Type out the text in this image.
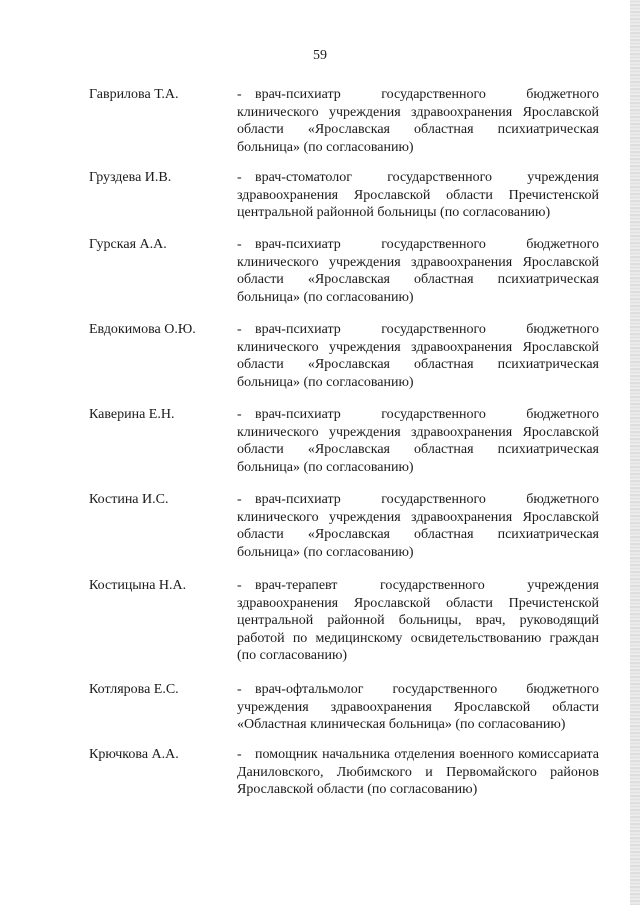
59
Гаврилова Т.А.	- врач-психиатр государственного бюджетного клинического учреждения здравоохранения Ярославской области «Ярославская областная психиатрическая больница» (по согласованию)
Груздева И.В.	- врач-стоматолог государственного учреждения здравоохранения Ярославской области Пречистенской центральной районной больницы (по согласованию)
Гурская А.А.	- врач-психиатр государственного бюджетного клинического учреждения здравоохранения Ярославской области «Ярославская областная психиатрическая больница» (по согласованию)
Евдокимова О.Ю.	- врач-психиатр государственного бюджетного клинического учреждения здравоохранения Ярославской области «Ярославская областная психиатрическая больница» (по согласованию)
Каверина Е.Н.	- врач-психиатр государственного бюджетного клинического учреждения здравоохранения Ярославской области «Ярославская областная психиатрическая больница» (по согласованию)
Костина И.С.	- врач-психиатр государственного бюджетного клинического учреждения здравоохранения Ярославской области «Ярославская областная психиатрическая больница» (по согласованию)
Костицына Н.А.	- врач-терапевт государственного учреждения здравоохранения Ярославской области Пречистенской центральной районной больницы, врач, руководящий работой по медицинскому освидетельствованию граждан (по согласованию)
Котлярова Е.С.	- врач-офтальмолог государственного бюджетного учреждения здравоохранения Ярославской области «Областная клиническая больница» (по согласованию)
Крючкова А.А.	- помощник начальника отделения военного комиссариата Даниловского, Любимского и Первомайского районов Ярославской области (по согласованию)
